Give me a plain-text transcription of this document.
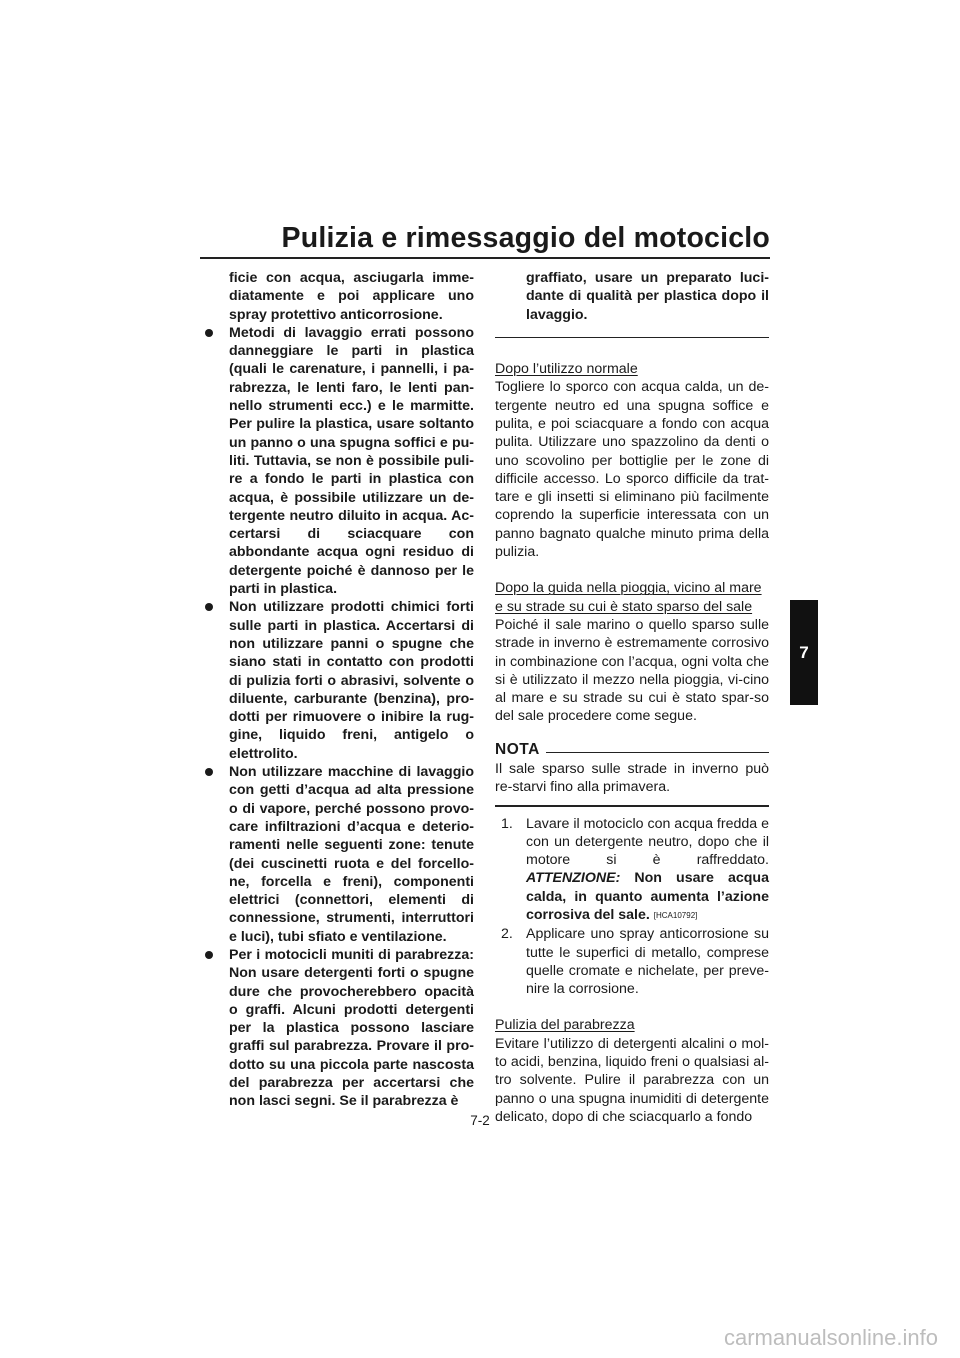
Pulizia e rimessaggio del motociclo

ficie con acqua, asciugarla imme-diatamente e poi applicare uno spray protettivo anticorrosione.

Metodi di lavaggio errati possono danneggiare le parti in plastica (quali le carenature, i pannelli, i pa-rabrezza, le lenti faro, le lenti pan-nello strumenti ecc.) e le marmitte. Per pulire la plastica, usare soltanto un panno o una spugna soffici e pu-liti. Tuttavia, se non è possibile puli-re a fondo le parti in plastica con acqua, è possibile utilizzare un de-tergente neutro diluito in acqua. Ac-certarsi di sciacquare con abbondante acqua ogni residuo di detergente poiché è dannoso per le parti in plastica.
Non utilizzare prodotti chimici forti sulle parti in plastica. Accertarsi di non utilizzare panni o spugne che siano stati in contatto con prodotti di pulizia forti o abrasivi, solvente o diluente, carburante (benzina), pro-dotti per rimuovere o inibire la rug-gine, liquido freni, antigelo o elettrolito.
Non utilizzare macchine di lavaggio con getti d’acqua ad alta pressione o di vapore, perché possono provo-care infiltrazioni d’acqua e deterio-ramenti nelle seguenti zone: tenute (dei cuscinetti ruota e del forcello-ne, forcella e freni), componenti elettrici (connettori, elementi di connessione, strumenti, interruttori e luci), tubi sfiato e ventilazione.
Per i motocicli muniti di parabrezza: Non usare detergenti forti o spugne dure che provocherebbero opacità o graffi. Alcuni prodotti detergenti per la plastica possono lasciare graffi sul parabrezza. Provare il pro-dotto su una piccola parte nascosta del parabrezza per accertarsi che non lasci segni. Se il parabrezza è

graffiato, usare un preparato luci-dante di qualità per plastica dopo il lavaggio.

Dopo l’utilizzo normale

Togliere lo sporco con acqua calda, un de-tergente neutro ed una spugna soffice e pulita, e poi sciacquare a fondo con acqua pulita. Utilizzare uno spazzolino da denti o uno scovolino per bottiglie per le zone di difficile accesso. Lo sporco difficile da trat-tare e gli insetti si eliminano più facilmente coprendo la superficie interessata con un panno bagnato qualche minuto prima della pulizia.

Dopo la guida nella pioggia, vicino al mare e su strade su cui è stato sparso del sale

Poiché il sale marino o quello sparso sulle strade in inverno è estremamente corrosivo in combinazione con l’acqua, ogni volta che si è utilizzato il mezzo nella pioggia, vi-cino al mare e su strade su cui è stato spar-so del sale procedere come segue.

NOTA

Il sale sparso sulle strade in inverno può re-starvi fino alla primavera.

1. Lavare il motociclo con acqua fredda e con un detergente neutro, dopo che il motore si è raffreddato. ATTENZIONE: Non usare acqua calda, in quanto aumenta l’azione corrosiva del sale. [HCA10792]
2. Applicare uno spray anticorrosione su tutte le superfici di metallo, comprese quelle cromate e nichelate, per preve-nire la corrosione.
Pulizia del parabrezza

Evitare l’utilizzo di detergenti alcalini o mol-to acidi, benzina, liquido freni o qualsiasi al-tro solvente. Pulire il parabrezza con un panno o una spugna inumiditi di detergente delicato, dopo di che sciacquarlo a fondo

7
7-2
carmanualsonline.info
